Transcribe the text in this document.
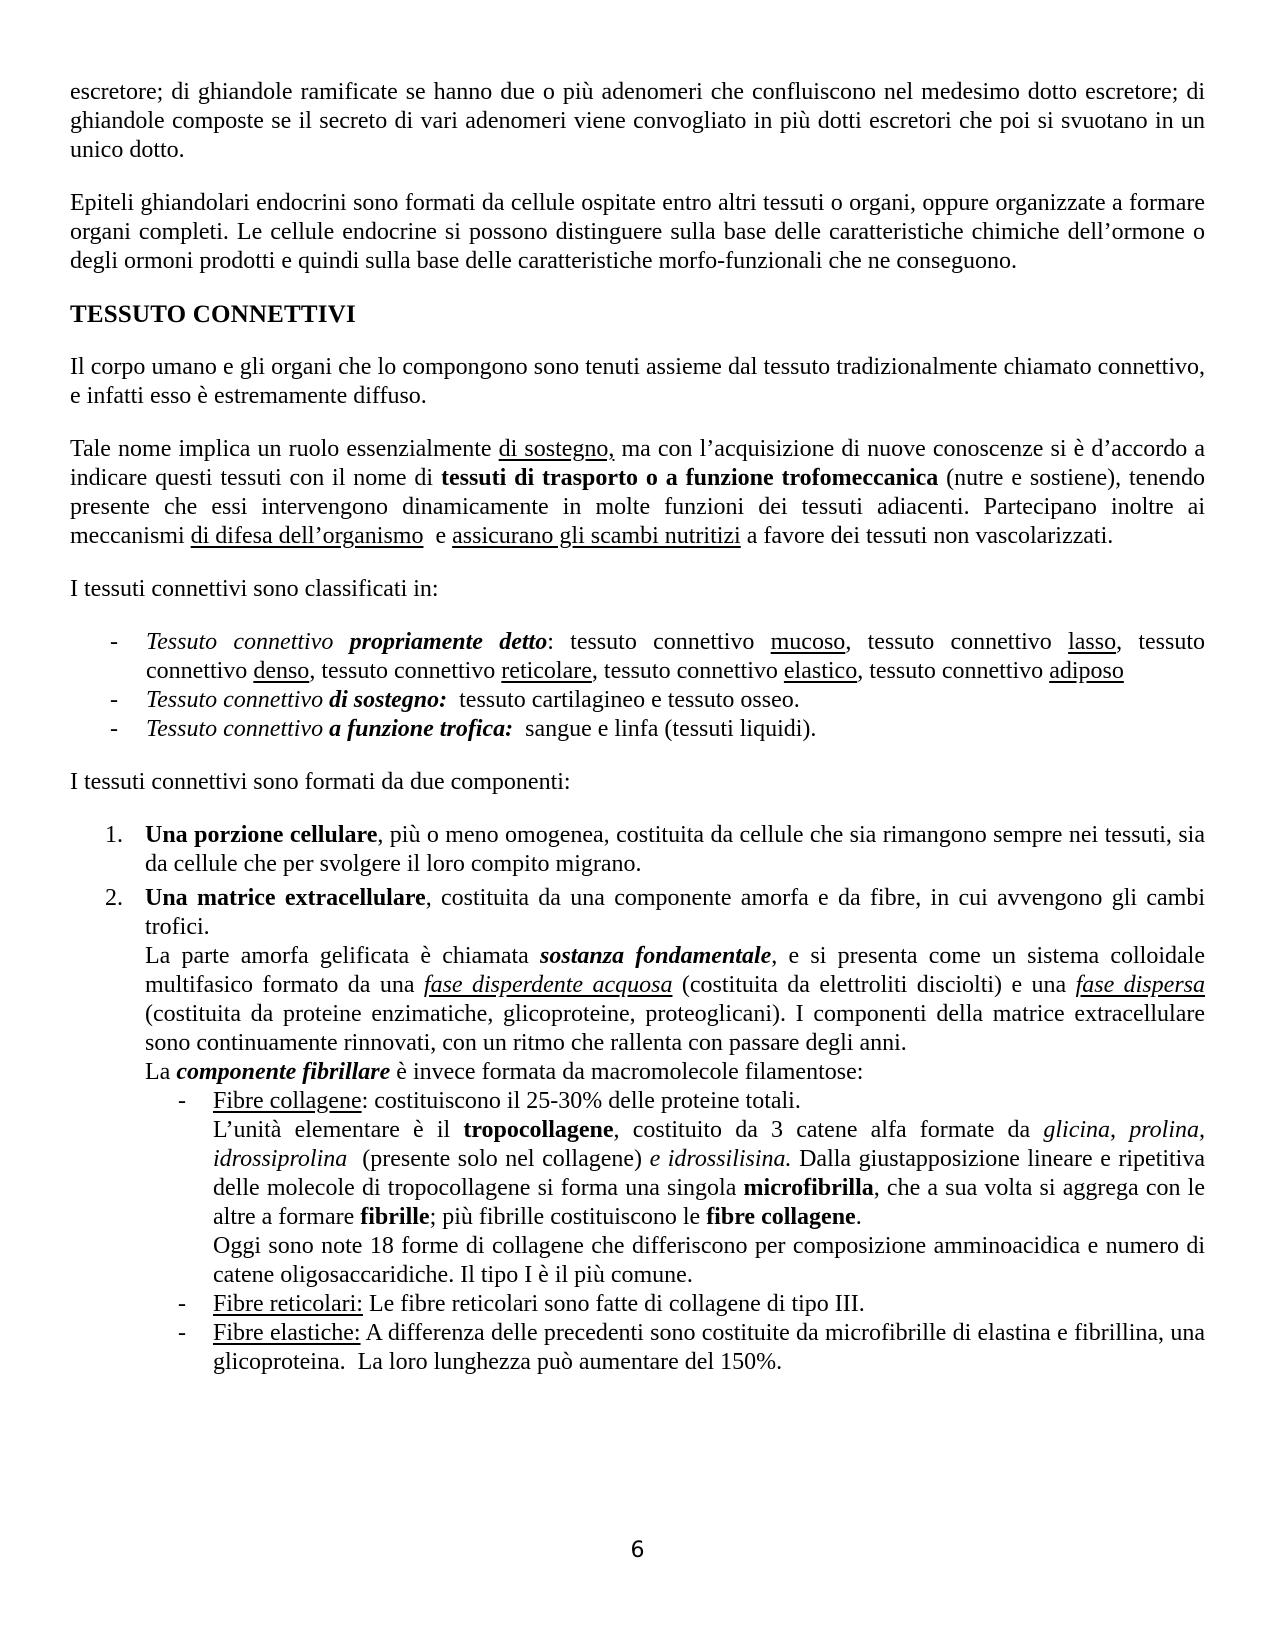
escretore; di ghiandole ramificate se hanno due o più adenomeri che confluiscono nel medesimo dotto escretore; di ghiandole composte se il secreto di vari adenomeri viene convogliato in più dotti escretori che poi si svuotano in un unico dotto.

Epiteli ghiandolari endocrini sono formati da cellule ospitate entro altri tessuti o organi, oppure organizzate a formare organi completi. Le cellule endocrine si possono distinguere sulla base delle caratteristiche chimiche dell’ormone o degli ormoni prodotti e quindi sulla base delle caratteristiche morfo-funzionali che ne conseguono.

TESSUTO CONNETTIVI

Il corpo umano e gli organi che lo compongono sono tenuti assieme dal tessuto tradizionalmente chiamato connettivo, e infatti esso è estremamente diffuso.

Tale nome implica un ruolo essenzialmente di sostegno, ma con l’acquisizione di nuove conoscenze si è d’accordo a indicare questi tessuti con il nome di tessuti di trasporto o a funzione trofomeccanica (nutre e sostiene), tenendo presente che essi intervengono dinamicamente in molte funzioni dei tessuti adiacenti. Partecipano inoltre ai meccanismi di difesa dell’organismo  e assicurano gli scambi nutritizi a favore dei tessuti non vascolarizzati.

I tessuti connettivi sono classificati in:

-	Tessuto connettivo propriamente detto: tessuto connettivo mucoso, tessuto connettivo lasso, tessuto connettivo denso, tessuto connettivo reticolare, tessuto connettivo elastico, tessuto connettivo adiposo
-	Tessuto connettivo di sostegno:  tessuto cartilagineo e tessuto osseo.
-	Tessuto connettivo a funzione trofica:  sangue e linfa (tessuti liquidi).

I tessuti connettivi sono formati da due componenti:

1. Una porzione cellulare, più o meno omogenea, costituita da cellule che sia rimangono sempre nei tessuti, sia da cellule che per svolgere il loro compito migrano.
2. Una matrice extracellulare, costituita da una componente amorfa e da fibre, in cui avvengono gli cambi trofici.
La parte amorfa gelificata è chiamata sostanza fondamentale, e si presenta come un sistema colloidale multifasico formato da una fase disperdente acquosa (costituita da elettroliti disciolti) e una fase dispersa (costituita da proteine enzimatiche, glicoproteine, proteoglicani). I componenti della matrice extracellulare sono continuamente rinnovati, con un ritmo che rallenta con passare degli anni.
La componente fibrillare è invece formata da macromolecole filamentose:
-	Fibre collagene: costituiscono il 25-30% delle proteine totali.
L’unità elementare è il tropocollagene, costituito da 3 catene alfa formate da glicina, prolina, idrossiprolina  (presente solo nel collagene) e idrossilisina. Dalla giustapposizione lineare e ripetitiva delle molecole di tropocollagene si forma una singola microfibrilla, che a sua volta si aggrega con le altre a formare fibrille; più fibrille costituiscono le fibre collagene.
Oggi sono note 18 forme di collagene che differiscono per composizione amminoacidica e numero di catene oligosaccaridiche. Il tipo I è il più comune.
-	Fibre reticolari: Le fibre reticolari sono fatte di collagene di tipo III.
-	Fibre elastiche: A differenza delle precedenti sono costituite da microfibrille di elastina e fibrillina, una glicoproteina.  La loro lunghezza può aumentare del 150%.
6
